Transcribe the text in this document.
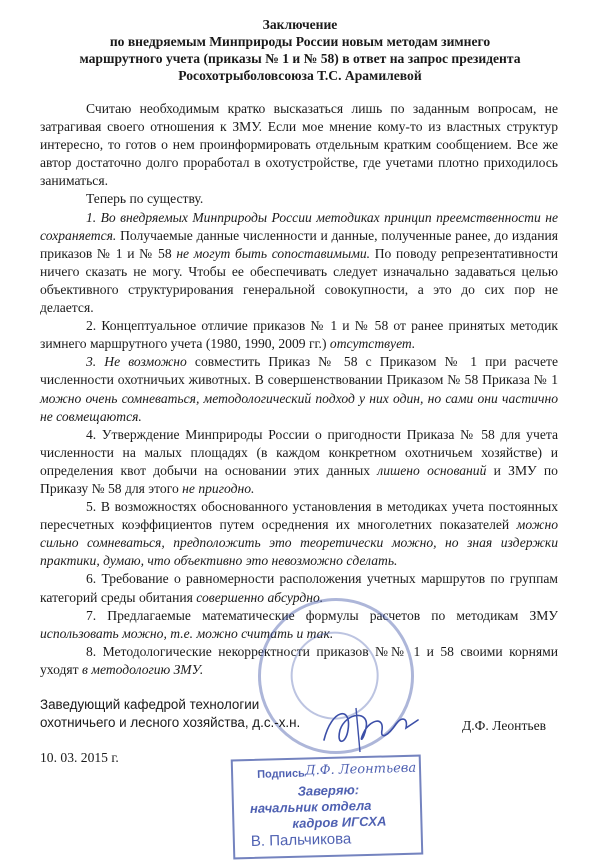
Заключение
по внедряемым Минприроды России новым методам зимнего
маршрутного учета (приказы № 1 и № 58) в ответ на запрос президента
Росохотрыболовсоюза Т.С. Арамилевой

Считаю необходимым кратко высказаться лишь по заданным вопросам, не затрагивая своего отношения к ЗМУ. Если мое мнение кому-то из властных структур интересно, то готов о нем проинформировать отдельным кратким сообщением. Все же автор достаточно долго проработал в охотустройстве, где учетами плотно приходилось заниматься.

Теперь по существу.

1. Во внедряемых Минприроды России методиках принцип преемственности не сохраняется. Получаемые данные численности и данные, полученные ранее, до издания приказов № 1 и № 58 не могут быть сопоставимыми. По поводу репрезентативности ничего сказать не могу. Чтобы ее обеспечивать следует изначально задаваться целью объективного структурирования генеральной совокупности, а это до сих пор не делается.

2. Концептуальное отличие приказов № 1 и № 58 от ранее принятых методик зимнего маршрутного учета (1980, 1990, 2009 гг.) отсутствует.

3. Не возможно совместить Приказ № 58 с Приказом № 1 при расчете численности охотничьих животных. В совершенствовании Приказом № 58 Приказа № 1 можно очень сомневаться, методологический подход у них один, но сами они частично не совмещаются.

4. Утверждение Минприроды России о пригодности Приказа № 58 для учета численности на малых площадях (в каждом конкретном охотничьем хозяйстве) и определения квот добычи на основании этих данных лишено оснований и ЗМУ по Приказу № 58 для этого не пригодно.

5. В возможностях обоснованного установления в методиках учета постоянных пересчетных коэффициентов путем осреднения их многолетних показателей можно сильно сомневаться, предположить это теоретически можно, но зная издержки практики, думаю, что объективно это невозможно сделать.

6. Требование о равномерности расположения учетных маршрутов по группам категорий среды обитания совершенно абсурдно.

7. Предлагаемые математические формулы расчетов по методикам ЗМУ использовать можно, т.е. можно считать и так.

8. Методологические некорректности приказов №№ 1 и 58 своими корнями уходят в методологию ЗМУ.

Заведующий кафедрой технологии
охотничьего и лесного хозяйства, д.с.-х.н.	Д.Ф. Леонтьев
10. 03. 2015 г.
Подпись Д.Ф. Леонтьева
Заверяю:
начальник отдела
кадров ИГСХА
В. Пальчикова
